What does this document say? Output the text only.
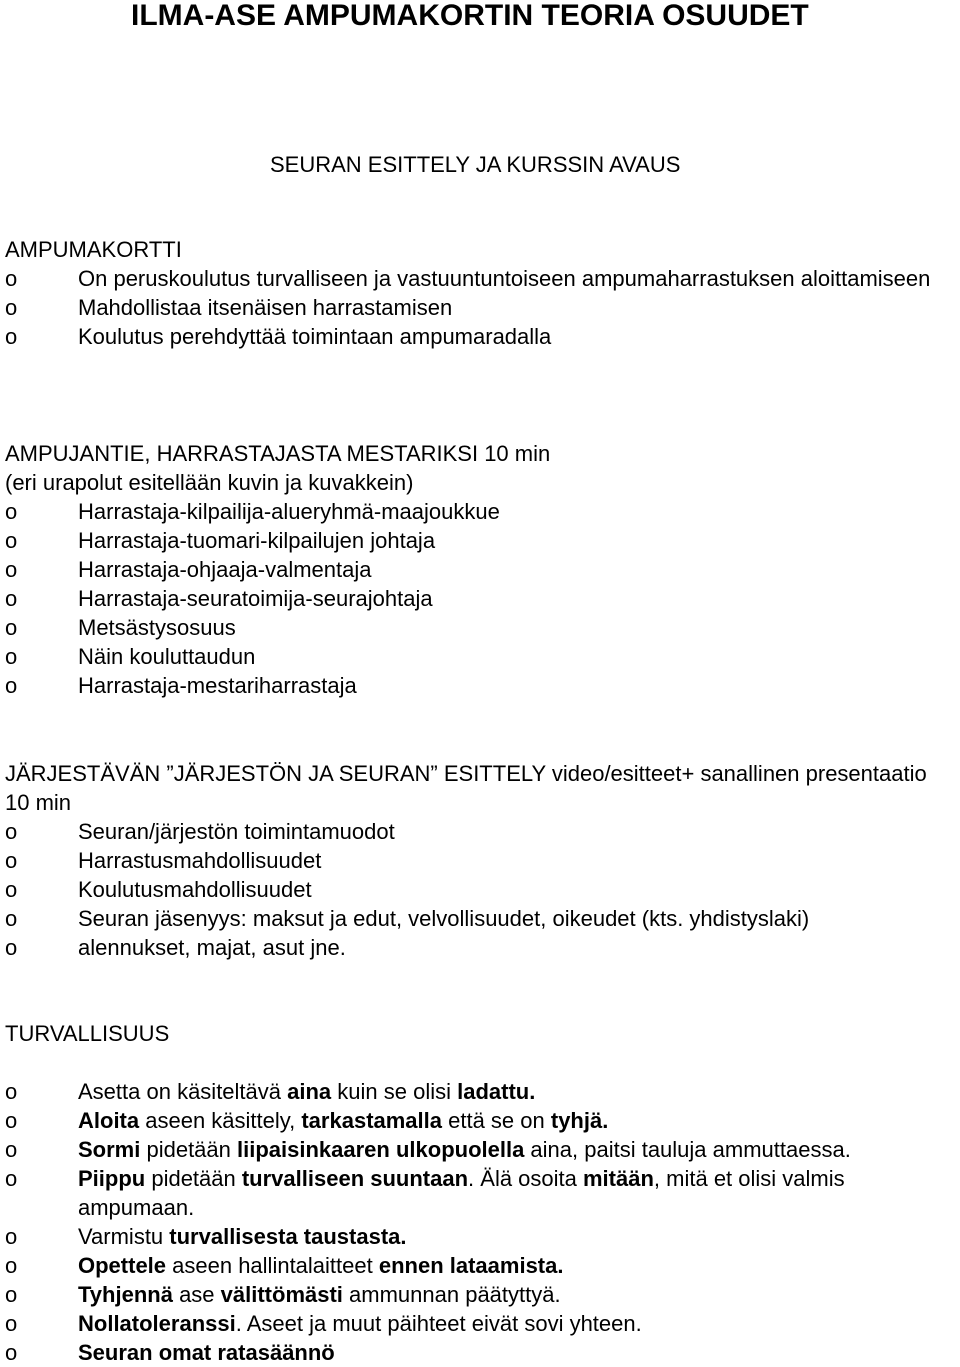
ILMA-ASE AMPUMAKORTIN TEORIA OSUUDET
SEURAN ESITTELY JA KURSSIN AVAUS

AMPUMAKORTTI

o	On peruskoulutus turvalliseen ja vastuuntuntoiseen ampumaharrastuksen aloittamiseen
o	Mahdollistaa itsenäisen harrastamisen
o	Koulutus perehdyttää toimintaan ampumaradalla

AMPUJANTIE, HARRASTAJASTA MESTARIKSI 10 min

(eri urapolut esitellään kuvin ja kuvakkein)

o	Harrastaja-kilpailija-alueryhmä-maajoukkue
o	Harrastaja-tuomari-kilpailujen johtaja
o	Harrastaja-ohjaaja-valmentaja
o	Harrastaja-seuratoimija-seurajohtaja
o	Metsästysosuus
o	Näin kouluttaudun
o	Harrastaja-mestariharrastaja

JÄRJESTÄVÄN ”JÄRJESTÖN JA SEURAN” ESITTELY video/esitteet+ sanallinen presentaatio 10 min

o	Seuran/järjestön toimintamuodot
o	Harrastusmahdollisuudet
o	Koulutusmahdollisuudet
o	Seuran jäsenyys: maksut ja edut, velvollisuudet, oikeudet (kts. yhdistyslaki)
o	alennukset, majat, asut jne.

TURVALLISUUS

o	Asetta on käsiteltävä aina kuin se olisi ladattu.
o	Aloita aseen käsittely, tarkastamalla että se on tyhjä.
o	Sormi pidetään liipaisinkaaren ulkopuolella aina, paitsi tauluja ammuttaessa.
o	Piippu pidetään turvalliseen suuntaan. Älä osoita mitään, mitä et olisi valmis ampumaan.
o	Varmistu turvallisesta taustasta.
o	Opettele aseen hallintalaitteet ennen lataamista.
o	Tyhjennä ase välittömästi ammunnan päätyttyä.
o	Nollatoleranssi. Aseet ja muut päihteet eivät sovi yhteen.
o	Seuran omat ratasäännö
